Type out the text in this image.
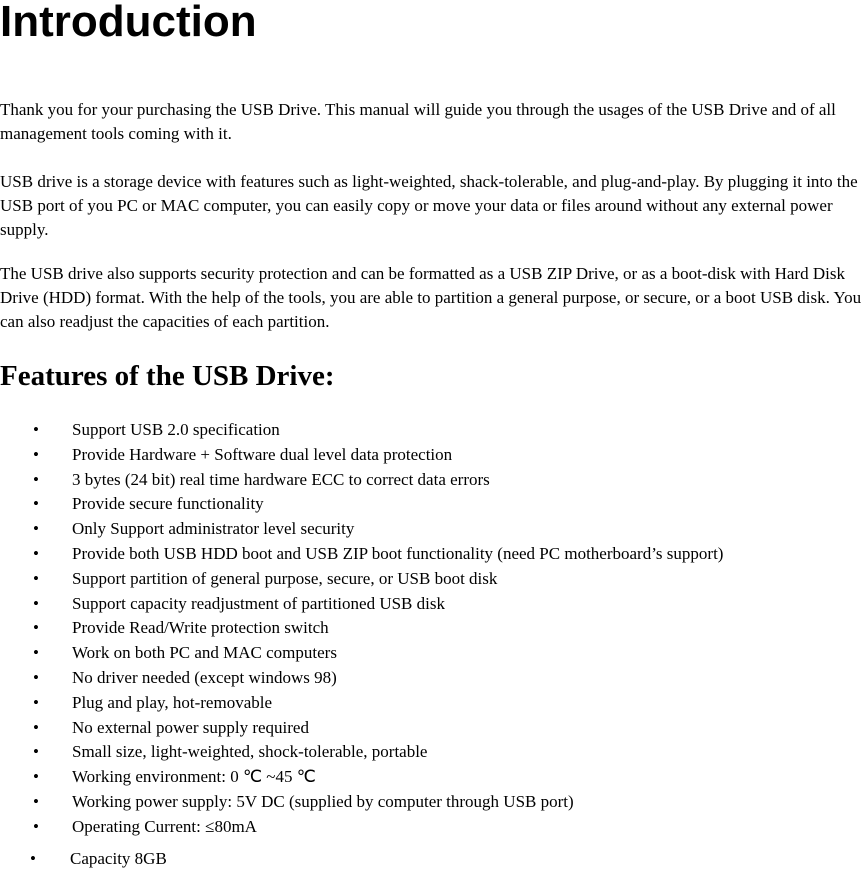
Introduction

Thank you for your purchasing the USB Drive. This manual will guide you through the usages of the USB Drive and of all management tools coming with it.

USB drive is a storage device with features such as light-weighted, shack-tolerable, and plug-and-play. By plugging it into the USB port of you PC or MAC computer, you can easily copy or move your data or files around without any external power supply.

The USB drive also supports security protection and can be formatted as a USB ZIP Drive, or as a boot-disk with Hard Disk Drive (HDD) format. With the help of the tools, you are able to partition a general purpose, or secure, or a boot USB disk. You can also readjust the capacities of each partition.

Features of the USB Drive:
• Support USB 2.0 specification
• Provide Hardware + Software dual level data protection
• 3 bytes (24 bit) real time hardware ECC to correct data errors
• Provide secure functionality
• Only Support administrator level security
• Provide both USB HDD boot and USB ZIP boot functionality (need PC motherboard’s support)
• Support partition of general purpose, secure, or USB boot disk
• Support capacity readjustment of partitioned USB disk
• Provide Read/Write protection switch
• Work on both PC and MAC computers
• No driver needed (except windows 98)
• Plug and play, hot-removable
• No external power supply required
• Small size, light-weighted, shock-tolerable, portable
• Working environment: 0 ℃ ~45 ℃
• Working power supply: 5V DC (supplied by computer through USB port)
• Operating Current: ≤80mA
• Capacity 8GB
